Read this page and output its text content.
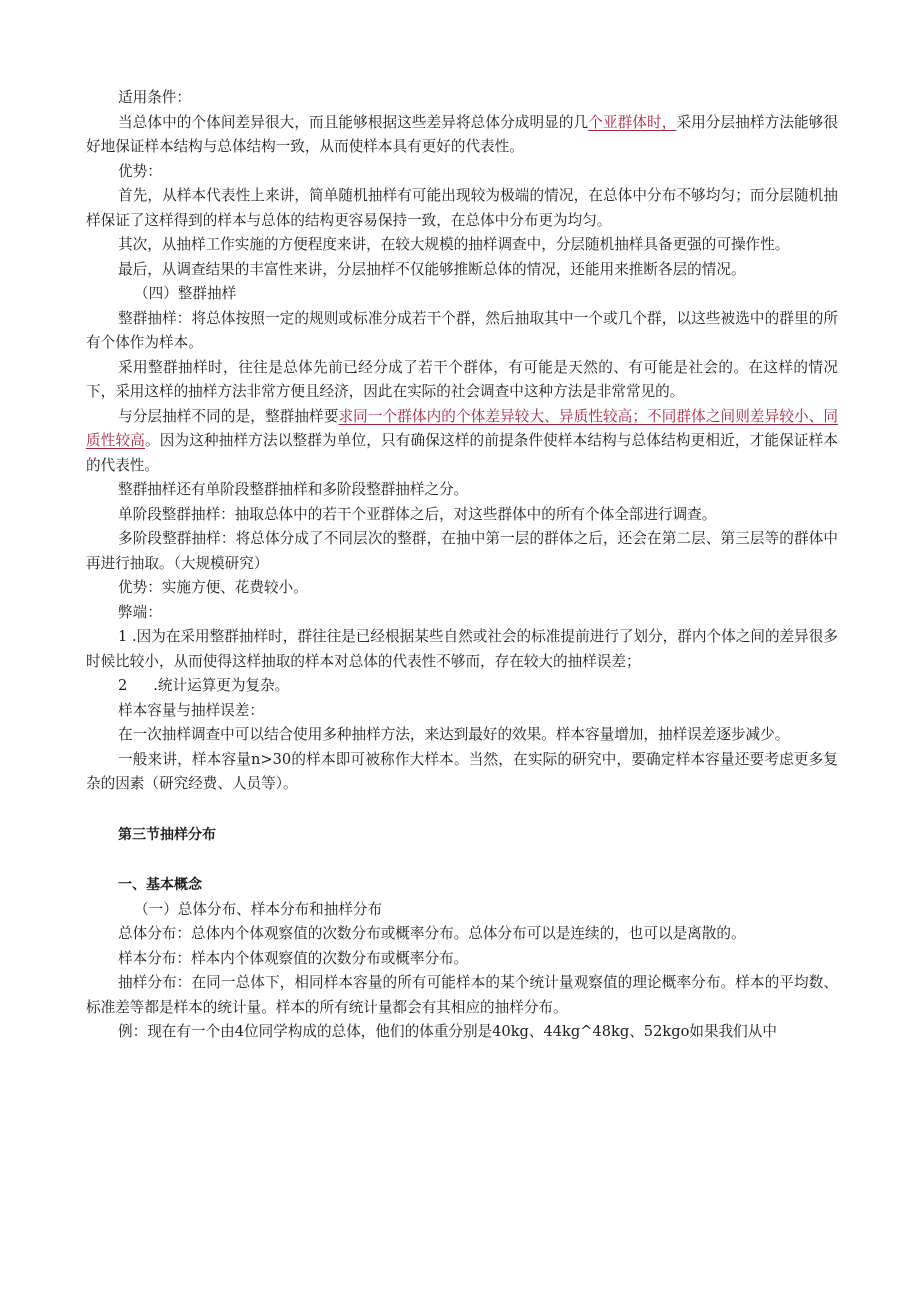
适用条件：

当总体中的个体间差异很大，而且能够根据这些差异将总体分成明显的几个亚群体时，采用分层抽样方法能够很好地保证样本结构与总体结构一致，从而使样本具有更好的代表性。

优势：

首先，从样本代表性上来讲，简单随机抽样有可能出现较为极端的情况，在总体中分布不够均匀；而分层随机抽样保证了这样得到的样本与总体的结构更容易保持一致，在总体中分布更为均匀。

其次，从抽样工作实施的方便程度来讲，在较大规模的抽样调查中，分层随机抽样具备更强的可操作性。

最后，从调查结果的丰富性来讲，分层抽样不仅能够推断总体的情况，还能用来推断各层的情况。

（四）整群抽样

整群抽样：将总体按照一定的规则或标准分成若干个群，然后抽取其中一个或几个群，以这些被选中的群里的所有个体作为样本。

采用整群抽样时，往往是总体先前已经分成了若干个群体，有可能是天然的、有可能是社会的。在这样的情况下，采用这样的抽样方法非常方便且经济，因此在实际的社会调查中这种方法是非常常见的。

与分层抽样不同的是，整群抽样要求同一个群体内的个体差异较大、异质性较高；不同群体之间则差异较小、同质性较高。因为这种抽样方法以整群为单位，只有确保这样的前提条件使样本结构与总体结构更相近，才能保证样本的代表性。

整群抽样还有单阶段整群抽样和多阶段整群抽样之分。

单阶段整群抽样：抽取总体中的若干个亚群体之后，对这些群体中的所有个体全部进行调查。

多阶段整群抽样：将总体分成了不同层次的整群，在抽中第一层的群体之后，还会在第二层、第三层等的群体中再进行抽取。（大规模研究）

优势：实施方便、花费较小。

弊端：

1 .因为在采用整群抽样时，群往往是已经根据某些自然或社会的标准提前进行了划分，群内个体之间的差异很多时候比较小，从而使得这样抽取的样本对总体的代表性不够而，存在较大的抽样误差；

2 .统计运算更为复杂。

样本容量与抽样误差：

在一次抽样调查中可以结合使用多种抽样方法，来达到最好的效果。样本容量增加，抽样误差逐步减少。

一般来讲，样本容量n>30的样本即可被称作大样本。当然，在实际的研究中，要确定样本容量还要考虑更多复杂的因素（研究经费、人员等）。

第三节抽样分布
一、基本概念

（一）总体分布、样本分布和抽样分布

总体分布：总体内个体观察值的次数分布或概率分布。总体分布可以是连续的，也可以是离散的。

样本分布：样本内个体观察值的次数分布或概率分布。

抽样分布：在同一总体下，相同样本容量的所有可能样本的某个统计量观察值的理论概率分布。样本的平均数、标准差等都是样本的统计量。样本的所有统计量都会有其相应的抽样分布。

例：现在有一个由4位同学构成的总体，他们的体重分别是40kg、44kg^48kg、52kgo如果我们从中
